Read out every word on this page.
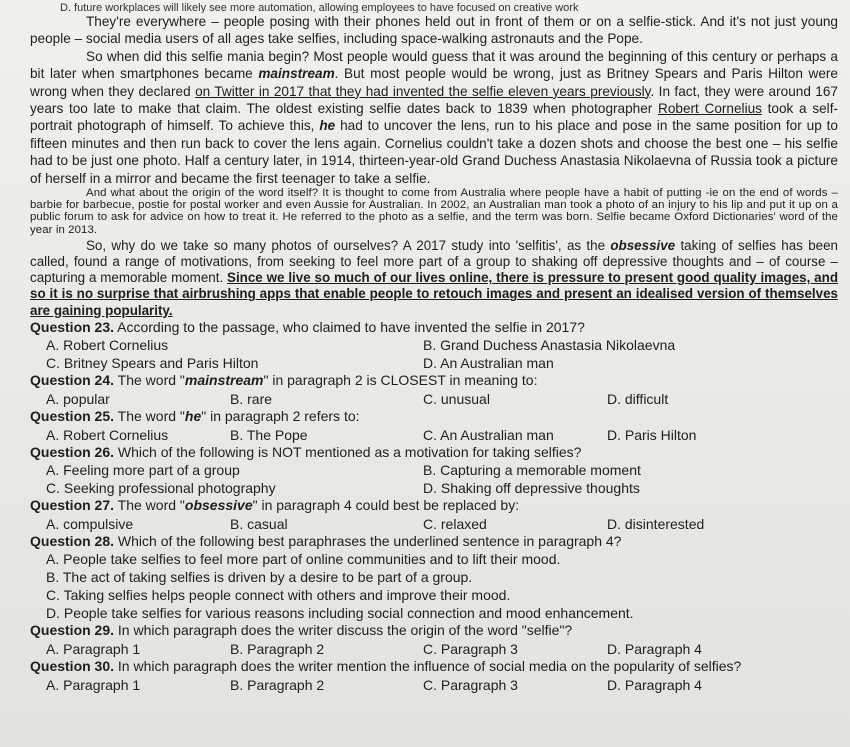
D. future workplaces will likely see more automation, allowing employees to have focused on creative work

They're everywhere – people posing with their phones held out in front of them or on a selfie-stick. And it's not just young people – social media users of all ages take selfies, including space-walking astronauts and the Pope.
So when did this selfie mania begin? Most people would guess that it was around the beginning of this century or perhaps a bit later when smartphones became mainstream. But most people would be wrong, just as Britney Spears and Paris Hilton were wrong when they declared on Twitter in 2017 that they had invented the selfie eleven years previously. In fact, they were around 167 years too late to make that claim. The oldest existing selfie dates back to 1839 when photographer Robert Cornelius took a self-portrait photograph of himself. To achieve this, he had to uncover the lens, run to his place and pose in the same position for up to fifteen minutes and then run back to cover the lens again. Cornelius couldn't take a dozen shots and choose the best one – his selfie had to be just one photo. Half a century later, in 1914, thirteen-year-old Grand Duchess Anastasia Nikolaevna of Russia took a picture of herself in a mirror and became the first teenager to take a selfie.

And what about the origin of the word itself? It is thought to come from Australia where people have a habit of putting -ie on the end of words – barbie for barbecue, postie for postal worker and even Aussie for Australian. In 2002, an Australian man took a photo of an injury to his lip and put it up on a public forum to ask for advice on how to treat it. He referred to the photo as a selfie, and the term was born. Selfie became Oxford Dictionaries' word of the year in 2013.

So, why do we take so many photos of ourselves? A 2017 study into 'selfitis', as the obsessive taking of selfies has been called, found a range of motivations, from seeking to feel more part of a group to shaking off depressive thoughts and – of course – capturing a memorable moment. Since we live so much of our lives online, there is pressure to present good quality images, and so it is no surprise that airbrushing apps that enable people to retouch images and present an idealised version of themselves are gaining popularity.

Question 23. According to the passage, who claimed to have invented the selfie in 2017?

A. Robert Cornelius	B. Grand Duchess Anastasia Nikolaevna
C. Britney Spears and Paris Hilton	D. An Australian man

Question 24. The word "mainstream" in paragraph 2 is CLOSEST in meaning to:

A. popular	B. rare	C. unusual	D. difficult

Question 25. The word "he" in paragraph 2 refers to:

A. Robert Cornelius	B. The Pope	C. An Australian man	D. Paris Hilton

Question 26. Which of the following is NOT mentioned as a motivation for taking selfies?

A. Feeling more part of a group	B. Capturing a memorable moment
C. Seeking professional photography	D. Shaking off depressive thoughts

Question 27. The word "obsessive" in paragraph 4 could best be replaced by:

A. compulsive	B. casual	C. relaxed	D. disinterested

Question 28. Which of the following best paraphrases the underlined sentence in paragraph 4?

A. People take selfies to feel more part of online communities and to lift their mood.
B. The act of taking selfies is driven by a desire to be part of a group.
C. Taking selfies helps people connect with others and improve their mood.
D. People take selfies for various reasons including social connection and mood enhancement.

Question 29. In which paragraph does the writer discuss the origin of the word "selfie"?

A. Paragraph 1	B. Paragraph 2	C. Paragraph 3	D. Paragraph 4

Question 30. In which paragraph does the writer mention the influence of social media on the popularity of selfies?

A. Paragraph 1	B. Paragraph 2	C. Paragraph 3	D. Paragraph 4
